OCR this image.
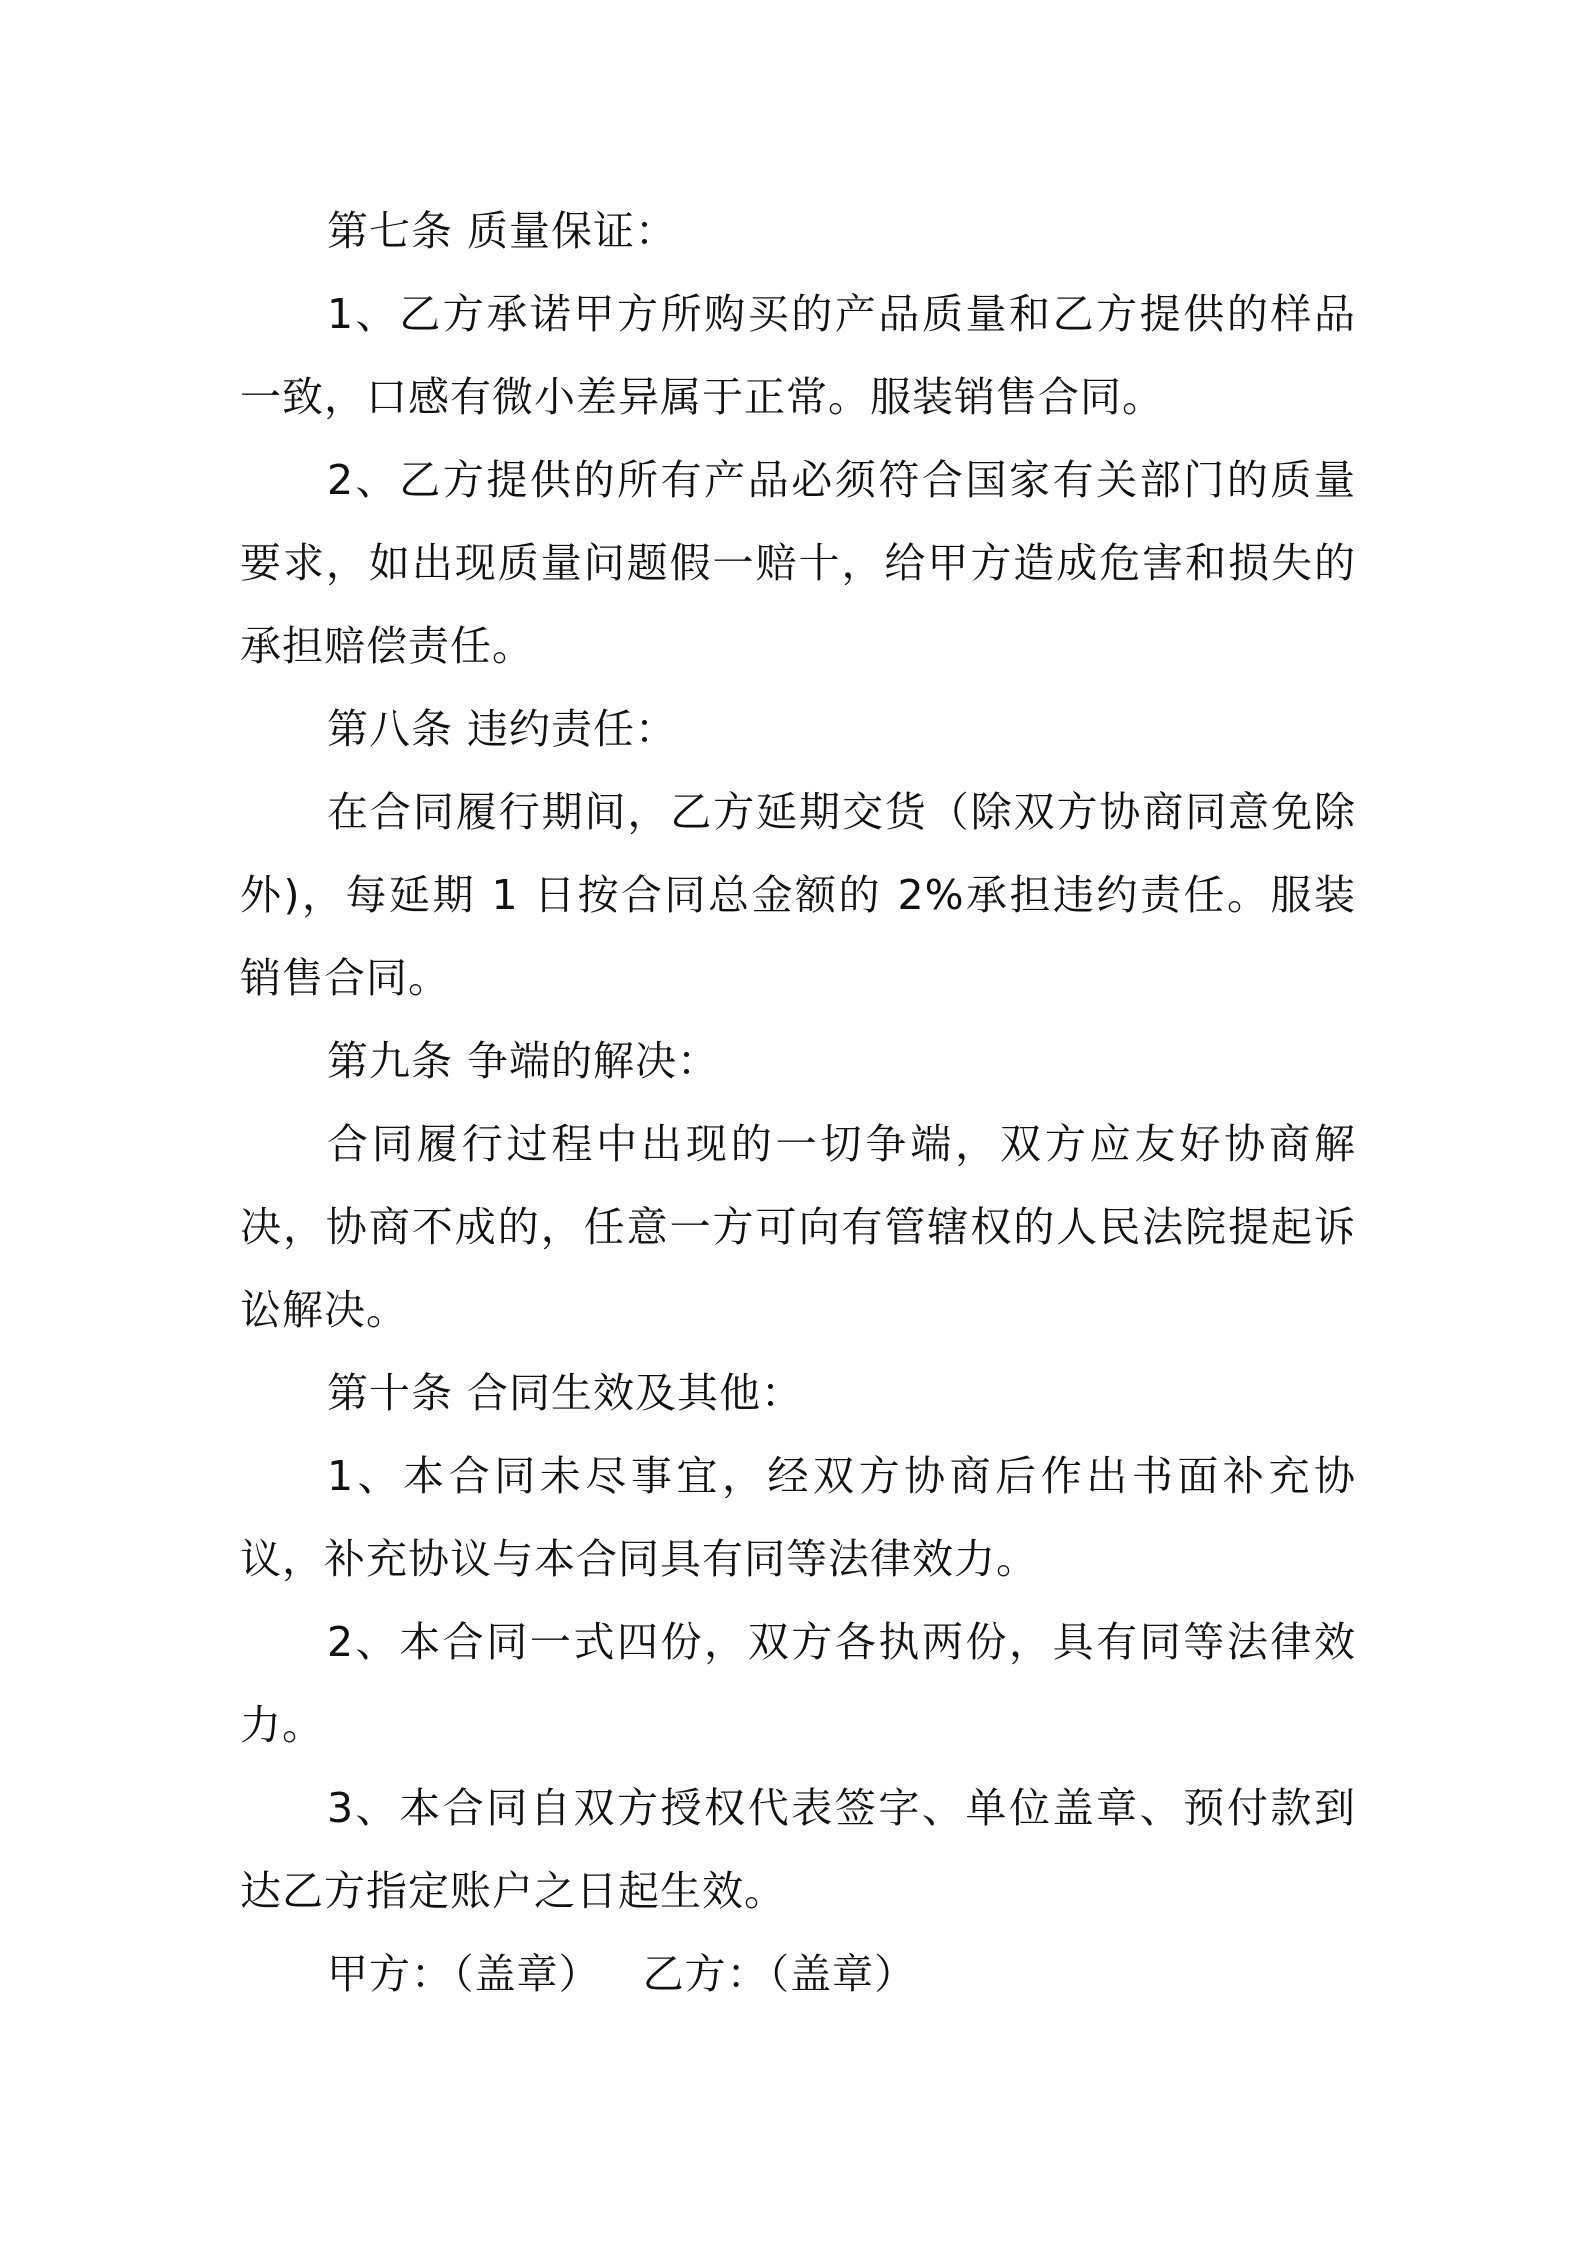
第七条 质量保证：

1、乙方承诺甲方所购买的产品质量和乙方提供的样品一致，口感有微小差异属于正常。服装销售合同。

2、乙方提供的所有产品必须符合国家有关部门的质量要求，如出现质量问题假一赔十，给甲方造成危害和损失的承担赔偿责任。

第八条 违约责任：

在合同履行期间，乙方延期交货（除双方协商同意免除外)，每延期 1 日按合同总金额的 2%承担违约责任。服装销售合同。

第九条 争端的解决：

合同履行过程中出现的一切争端，双方应友好协商解决，协商不成的，任意一方可向有管辖权的人民法院提起诉讼解决。

第十条 合同生效及其他：

1、本合同未尽事宜，经双方协商后作出书面补充协议，补充协议与本合同具有同等法律效力。

2、本合同一式四份，双方各执两份，具有同等法律效力。

3、本合同自双方授权代表签字、单位盖章、预付款到达乙方指定账户之日起生效。

甲方：（盖章）   乙方：（盖章）
